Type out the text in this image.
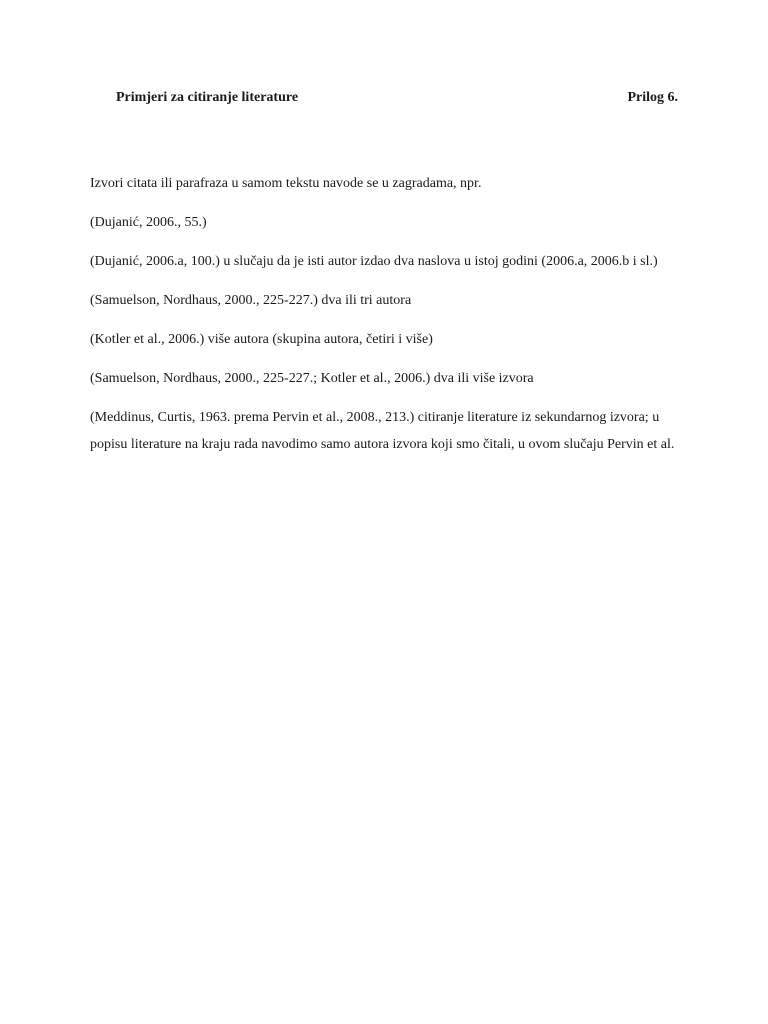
Primjeri za citiranje literature	Prilog 6.

Izvori citata ili parafraza u samom tekstu navode se u zagradama, npr.

(Dujanić, 2006., 55.)

(Dujanić, 2006.a, 100.) u slučaju da je isti autor izdao dva naslova u istoj godini (2006.a, 2006.b i sl.)

(Samuelson, Nordhaus, 2000., 225-227.) dva ili tri autora

(Kotler et al., 2006.) više autora (skupina autora, četiri i više)

(Samuelson, Nordhaus, 2000., 225-227.; Kotler et al., 2006.) dva ili više izvora

(Meddinus, Curtis, 1963. prema Pervin et al., 2008., 213.) citiranje literature iz sekundarnog izvora; u popisu literature na kraju rada navodimo samo autora izvora koji smo čitali, u ovom slučaju Pervin et al.
